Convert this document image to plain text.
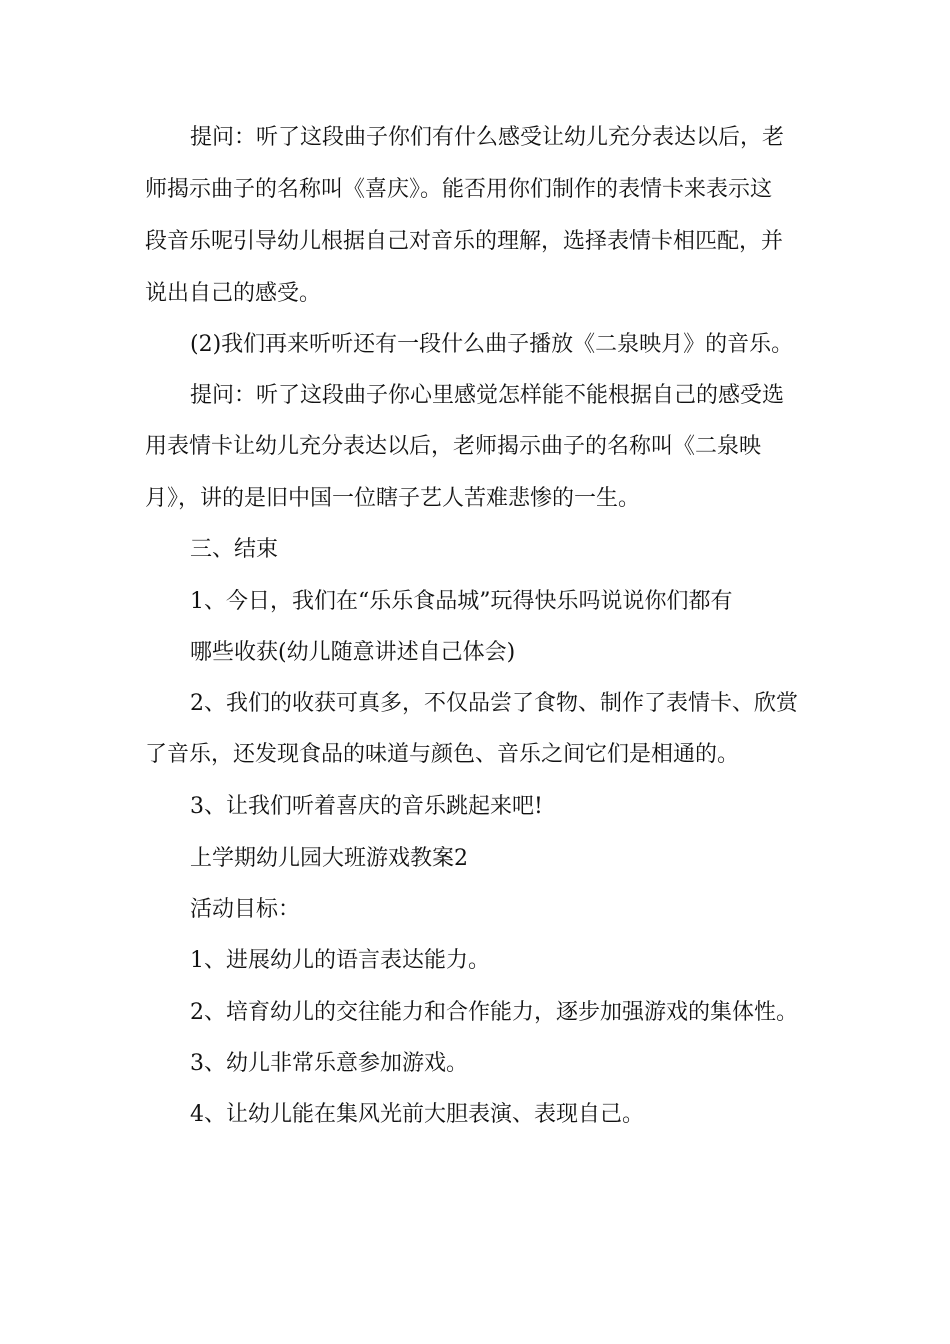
提问：听了这段曲子你们有什么感受让幼儿充分表达以后，老
师揭示曲子的名称叫《喜庆》。能否用你们制作的表情卡来表示这
段音乐呢引导幼儿根据自己对音乐的理解，选择表情卡相匹配，并
说出自己的感受。
(2)我们再来听听还有一段什么曲子播放《二泉映月》的音乐。
提问：听了这段曲子你心里感觉怎样能不能根据自己的感受选
用表情卡让幼儿充分表达以后，老师揭示曲子的名称叫《二泉映
月》，讲的是旧中国一位瞎子艺人苦难悲惨的一生。
三、结束
1、今日，我们在“乐乐食品城”玩得快乐吗说说你们都有
哪些收获(幼儿随意讲述自己体会)
2、我们的收获可真多，不仅品尝了食物、制作了表情卡、欣赏
了音乐，还发现食品的味道与颜色、音乐之间它们是相通的。
3、让我们听着喜庆的音乐跳起来吧!
上学期幼儿园大班游戏教案2
活动目标：
1、进展幼儿的语言表达能力。
2、培育幼儿的交往能力和合作能力，逐步加强游戏的集体性。
3、幼儿非常乐意参加游戏。
4、让幼儿能在集风光前大胆表演、表现自己。
